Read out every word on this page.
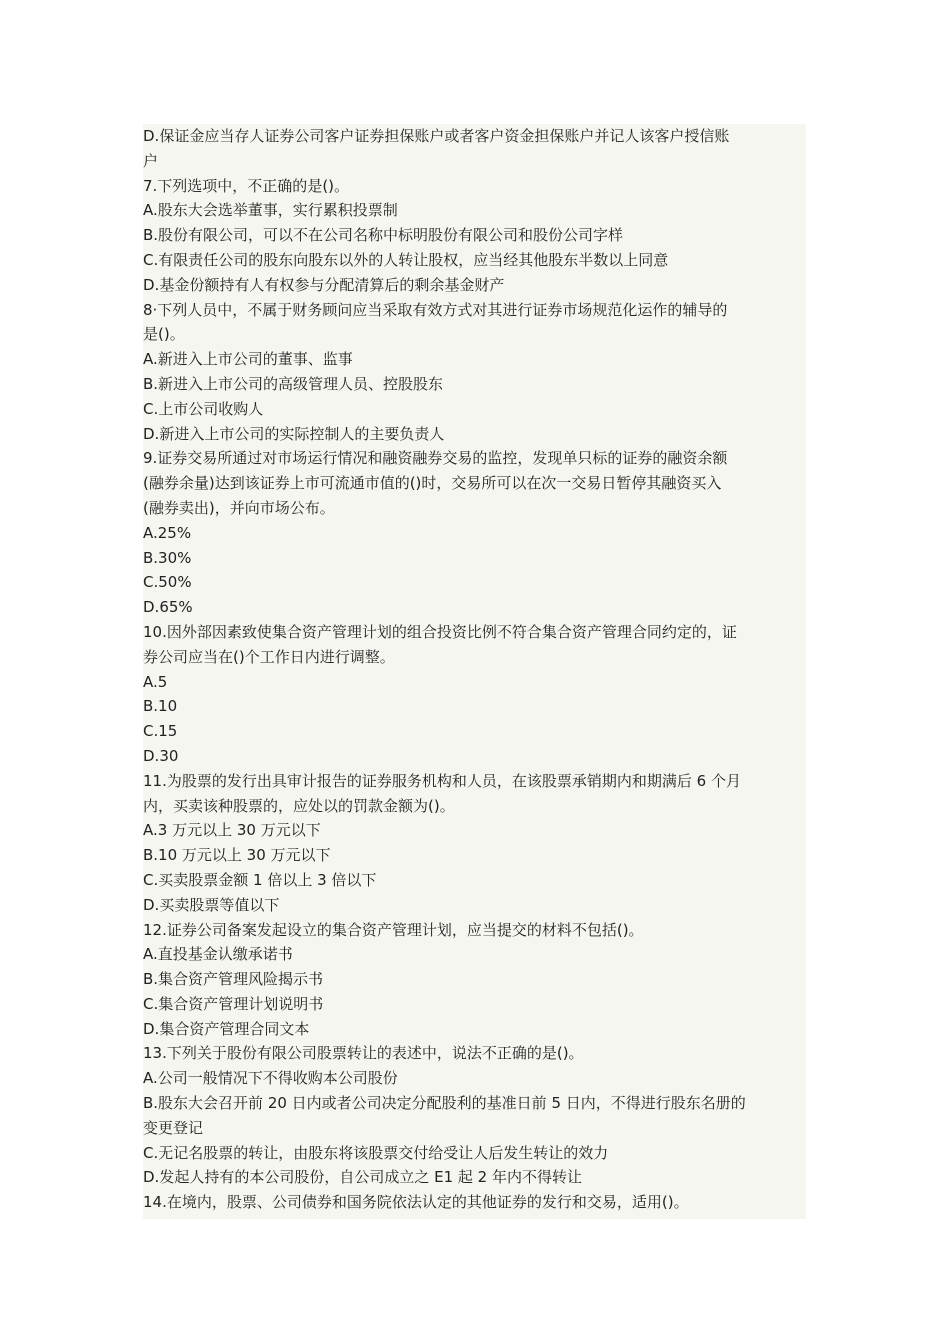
D.保证金应当存人证券公司客户证券担保账户或者客户资金担保账户并记人该客户授信账
户
7.下列选项中，不正确的是()。
A.股东大会选举董事，实行累积投票制
B.股份有限公司，可以不在公司名称中标明股份有限公司和股份公司字样
C.有限责任公司的股东向股东以外的人转让股权，应当经其他股东半数以上同意
D.基金份额持有人有权参与分配清算后的剩余基金财产
8·下列人员中，不属于财务顾问应当采取有效方式对其进行证券市场规范化运作的辅导的
是()。
A.新进入上市公司的董事、监事
B.新进入上市公司的高级管理人员、控股股东
C.上市公司收购人
D.新进入上市公司的实际控制人的主要负责人
9.证券交易所通过对市场运行情况和融资融券交易的监控，发现单只标的证券的融资余额
(融券余量)达到该证券上市可流通市值的()时，交易所可以在次一交易日暂停其融资买入
(融券卖出)，并向市场公布。
A.25%
B.30%
C.50%
D.65%
10.因外部因素致使集合资产管理计划的组合投资比例不符合集合资产管理合同约定的，证
券公司应当在()个工作日内进行调整。
A.5
B.10
C.15
D.30
11.为股票的发行出具审计报告的证券服务机构和人员，在该股票承销期内和期满后 6 个月
内，买卖该种股票的，应处以的罚款金额为()。
A.3 万元以上 30 万元以下
B.10 万元以上 30 万元以下
C.买卖股票金额 1 倍以上 3 倍以下
D.买卖股票等值以下
12.证券公司备案发起设立的集合资产管理计划，应当提交的材料不包括()。
A.直投基金认缴承诺书
B.集合资产管理风险揭示书
C.集合资产管理计划说明书
D.集合资产管理合同文本
13.下列关于股份有限公司股票转让的表述中，说法不正确的是()。
A.公司一般情况下不得收购本公司股份
B.股东大会召开前 20 日内或者公司决定分配股利的基准日前 5 日内，不得进行股东名册的
变更登记
C.无记名股票的转让，由股东将该股票交付给受让人后发生转让的效力
D.发起人持有的本公司股份，自公司成立之 E1 起 2 年内不得转让
14.在境内，股票、公司债券和国务院依法认定的其他证券的发行和交易，适用()。
